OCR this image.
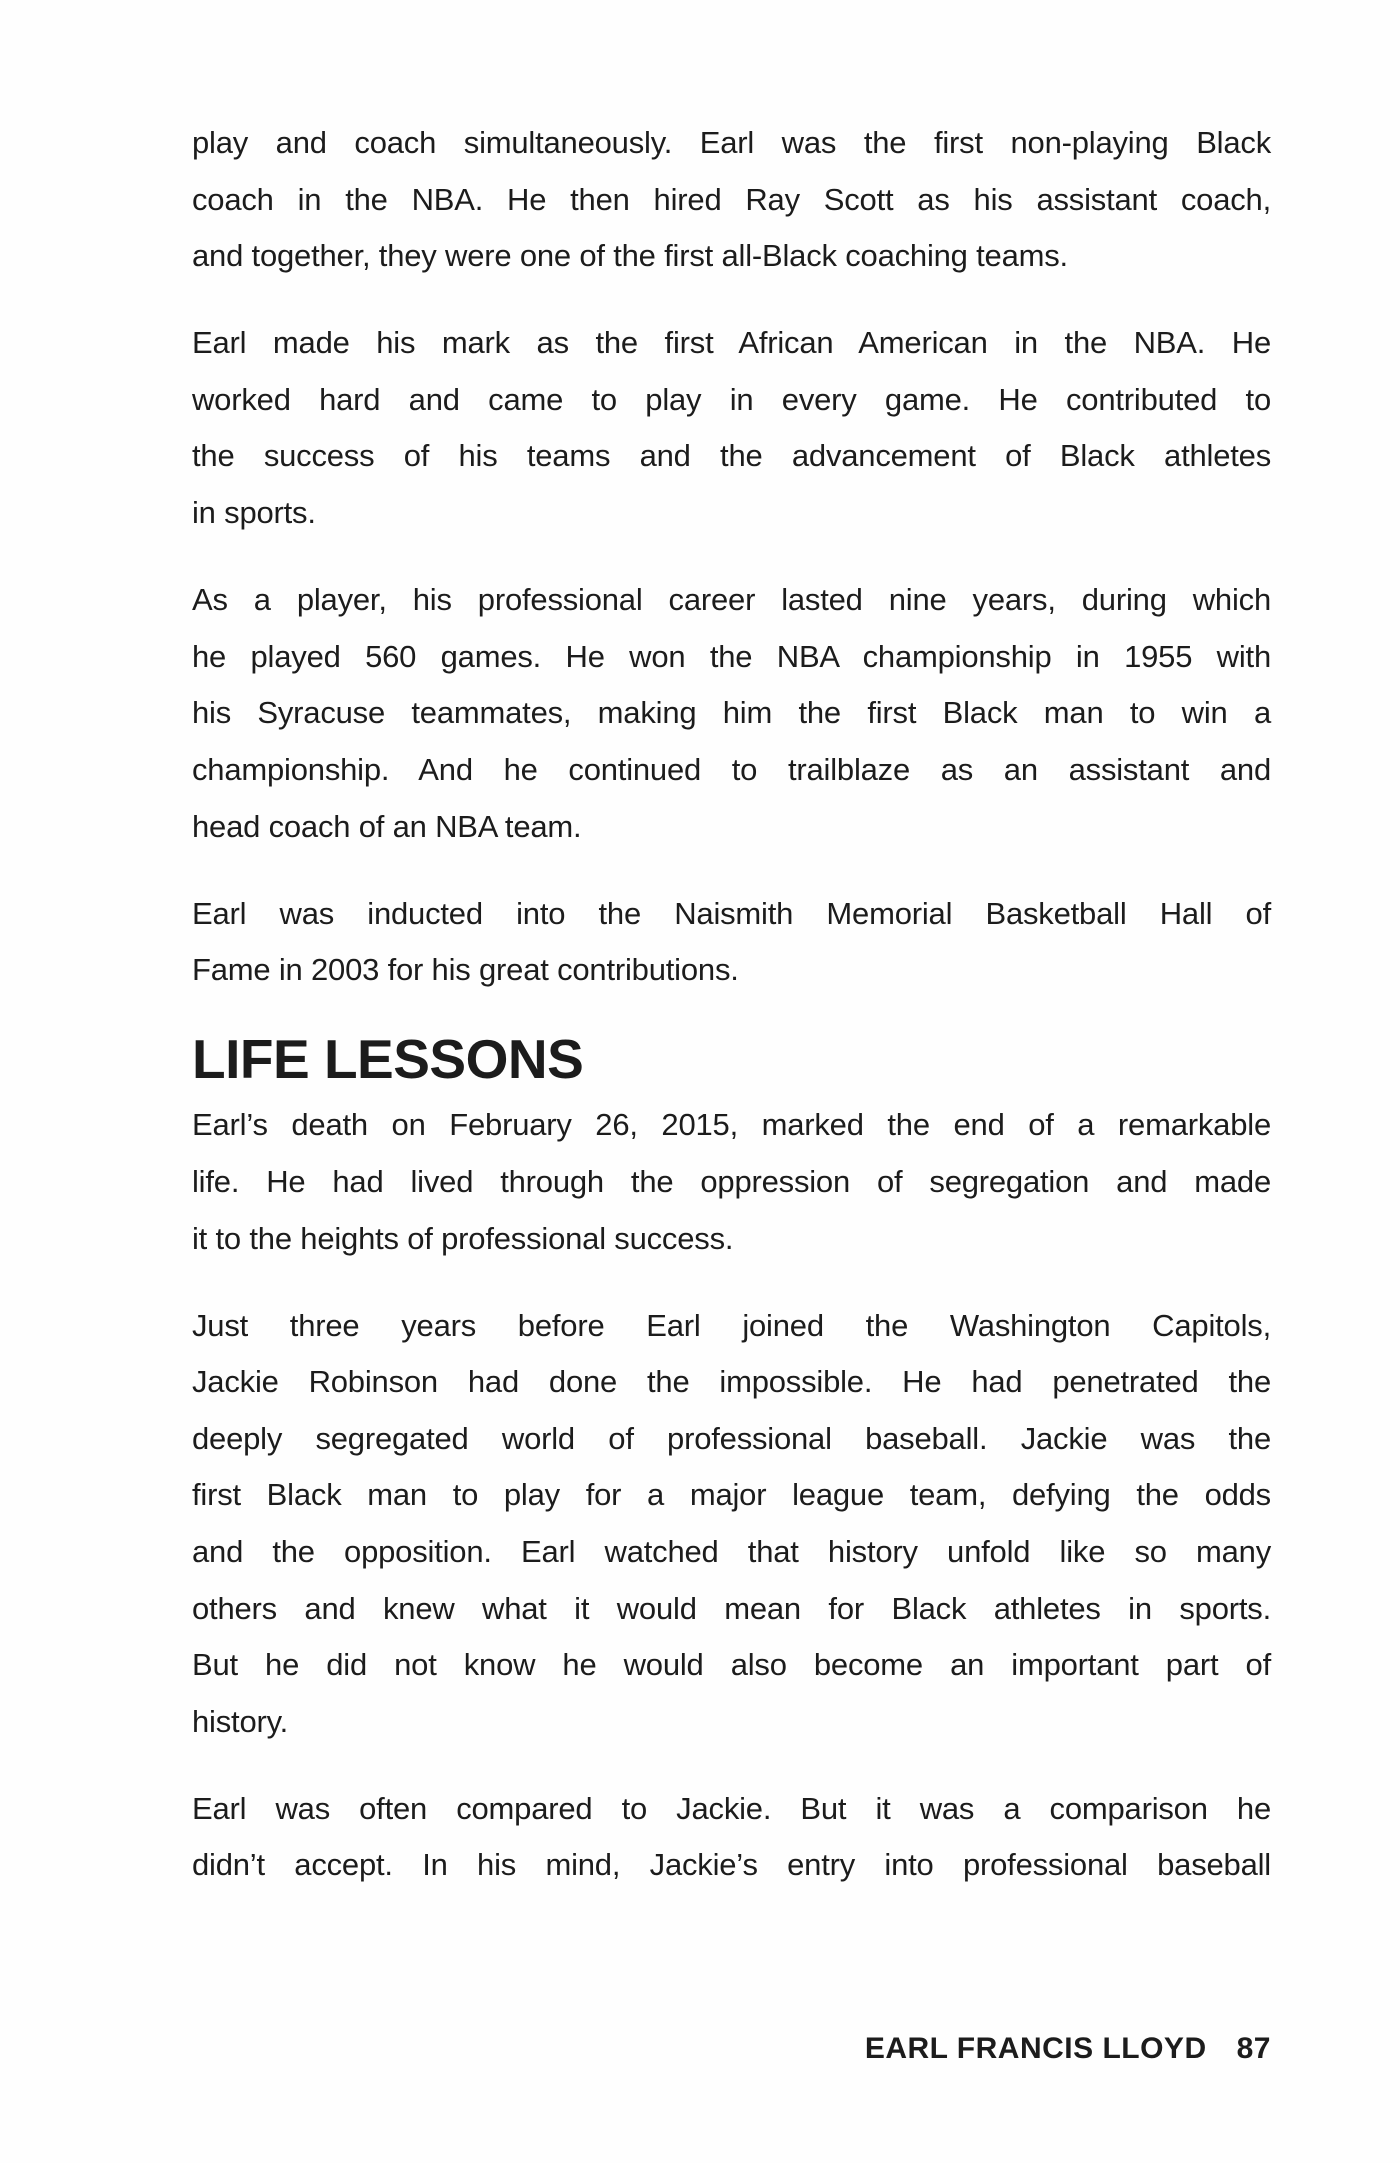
play and coach simultaneously. Earl was the first non-playing Black
coach in the NBA. He then hired Ray Scott as his assistant coach,
and together, they were one of the first all-Black coaching teams.

Earl made his mark as the first African American in the NBA. He
worked hard and came to play in every game. He contributed to
the success of his teams and the advancement of Black athletes
in sports.

As a player, his professional career lasted nine years, during which
he played 560 games. He won the NBA championship in 1955 with
his Syracuse teammates, making him the first Black man to win a
championship. And he continued to trailblaze as an assistant and
head coach of an NBA team.

Earl was inducted into the Naismith Memorial Basketball Hall of
Fame in 2003 for his great contributions.

LIFE LESSONS

Earl’s death on February 26, 2015, marked the end of a remarkable
life. He had lived through the oppression of segregation and made
it to the heights of professional success.

Just three years before Earl joined the Washington Capitols,
Jackie Robinson had done the impossible. He had penetrated the
deeply segregated world of professional baseball. Jackie was the
first Black man to play for a major league team, defying the odds
and the opposition. Earl watched that history unfold like so many
others and knew what it would mean for Black athletes in sports.
But he did not know he would also become an important part of
history.

Earl was often compared to Jackie. But it was a comparison he
didn’t accept. In his mind, Jackie’s entry into professional baseball

EARL FRANCIS LLOYD 87
